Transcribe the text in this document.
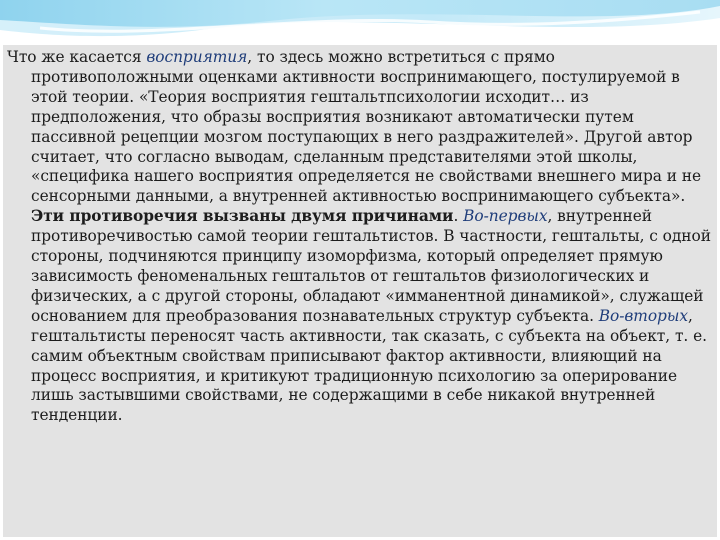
Что же касается восприятия, то здесь можно встретиться с прямо противоположными оценками активности воспринимающего, постулируемой в этой теории. «Теория восприятия гештальтпсихологии исходит… из предположения, что образы восприятия возникают автоматически путем пассивной рецепции мозгом поступающих в него раздражителей». Другой автор считает, что согласно выводам, сделанным представителями этой школы, «специфика нашего восприятия определяется не свойствами внешнего мира и не сенсорными данными, а внутренней активностью воспринимающего субъекта». Эти противоречия вызваны двумя причинами. Во-первых, внутренней противоречивостью самой теории гештальтистов. В частности, гештальты, с одной стороны, подчиняются принципу изоморфизма, который определяет прямую зависимость феноменальных гештальтов от гештальтов физиологических и физических, а с другой стороны, обладают «имманентной динамикой», служащей основанием для преобразования познавательных структур субъекта. Во-вторых, гештальтисты переносят часть активности, так сказать, с субъекта на объект, т. е. самим объектным свойствам приписывают фактор активности, влияющий на процесс восприятия, и критикуют традиционную психологию за оперирование лишь застывшими свойствами, не содержащими в себе никакой внутренней тенденции.
